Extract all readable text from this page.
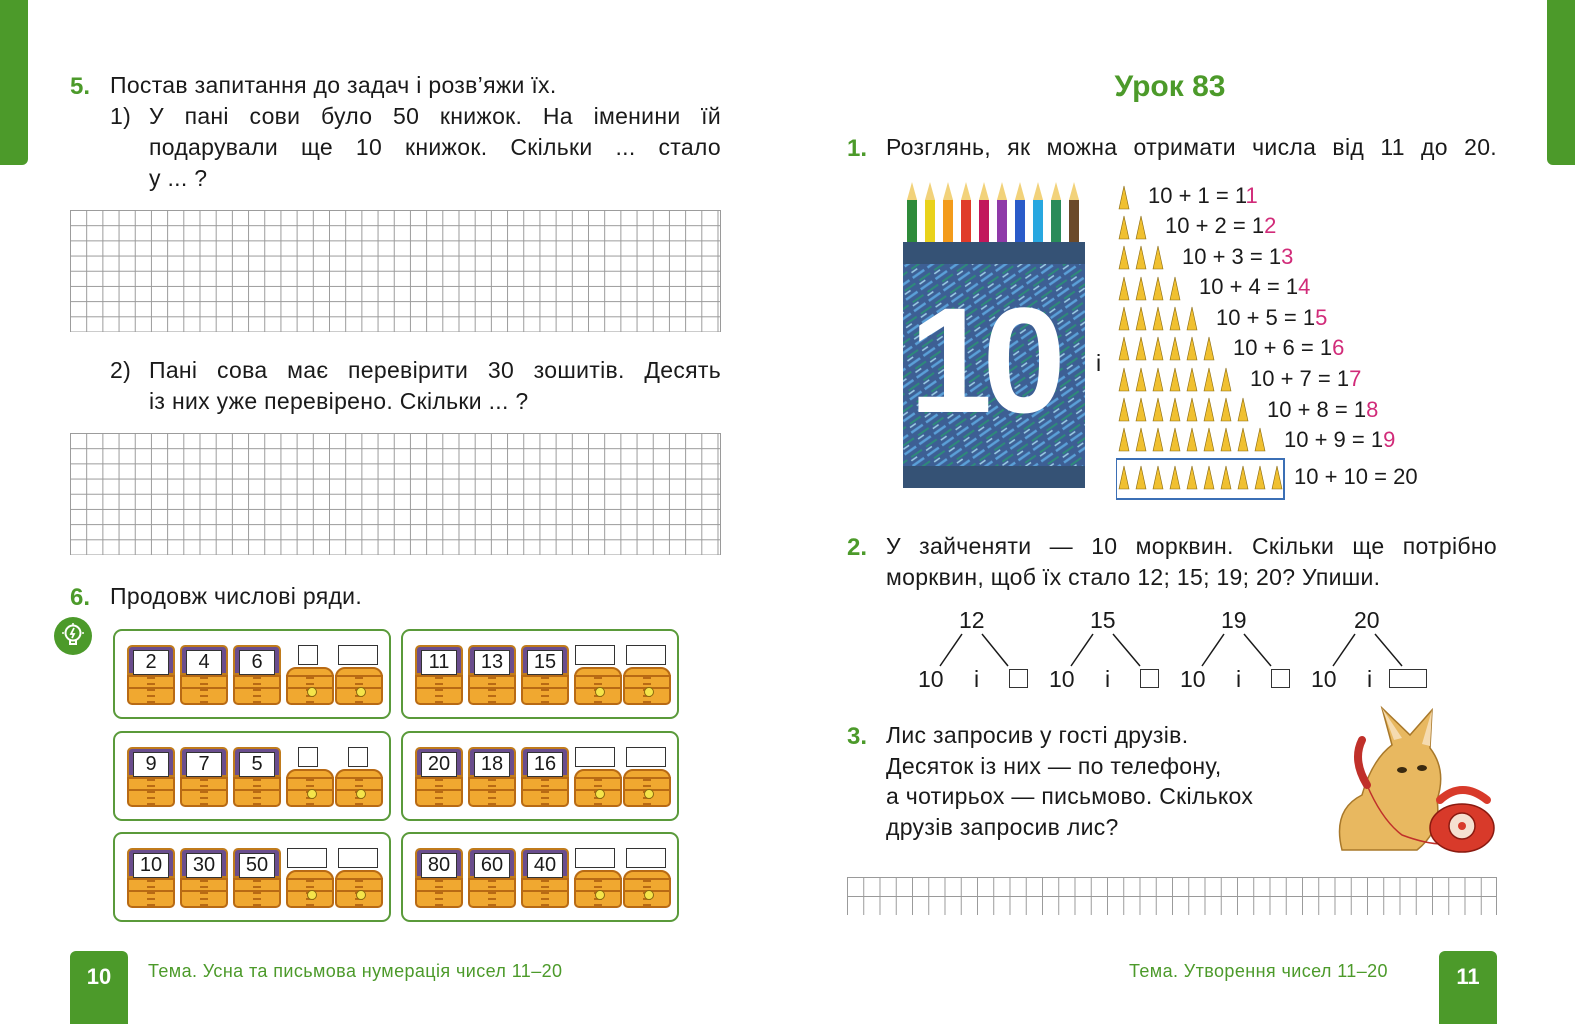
5. Постав запитання до задач і розв’яжи їх.
1) У пані сови було 50 книжок. На іменини їй
подарували ще 10 книжок. Скільки ... стало
у ... ?
2) Пані сова має перевірити 30 зошитів. Десять
із них уже перевірено. Скільки ... ?
6. Продовж числові ряди.
2	4	6	11	13	15
9	7	5	20	18	16
10	30	50	80	60	40
10	Тема. Усна та письмова нумерація чисел 11–20
Урок 83
1. Розглянь, як можна отримати числа від 11 до 20.
10 і
10 + 1 = 11
10 + 2 = 12
10 + 3 = 13
10 + 4 = 14
10 + 5 = 15
10 + 6 = 16
10 + 7 = 17
10 + 8 = 18
10 + 9 = 19
10 + 10 = 20
2. У зайченяти — 10 морквин. Скільки ще потрібно
морквин, щоб їх стало 12; 15; 19; 20? Упиши.
12
10 і
15
10 і
19
10 і
20
10 і
3. Лис запросив у гості друзів.
Десяток із них — по телефону,
а чотирьох — письмово. Скількох
друзів запросив лис?
Тема. Утворення чисел 11–20	11
